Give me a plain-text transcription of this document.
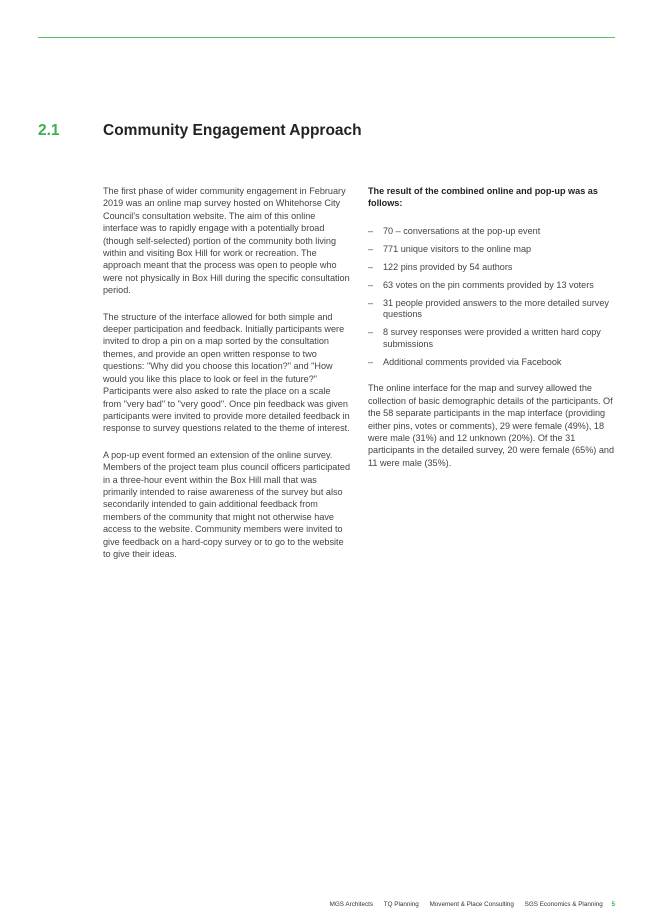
2.1	Community Engagement Approach

The first phase of wider community engagement in February 2019 was an online map survey hosted on Whitehorse City Council's consultation website. The aim of this online interface was to rapidly engage with a potentially broad (though self-selected) portion of the community both living within and visiting Box Hill for work or recreation. The approach meant that the process was open to people who were not physically in Box Hill during the specific consultation period.

The structure of the interface allowed for both simple and deeper participation and feedback. Initially participants were invited to drop a pin on a map sorted by the consultation themes, and provide an open written response to two questions: "Why did you choose this location?" and "How would you like this place to look or feel in the future?" Participants were also asked to rate the place on a scale from "very bad" to "very good". Once pin feedback was given participants were invited to provide more detailed feedback in response to survey questions related to the theme of interest.

A pop-up event formed an extension of the online survey. Members of the project team plus council officers participated in a three-hour event within the Box Hill mall that was primarily intended to raise awareness of the survey but also secondarily intended to gain additional feedback from members of the community that might not otherwise have access to the website. Community members were invited to give feedback on a hard-copy survey or to go to the website to give their ideas.

The result of the combined online and pop-up was as follows:
– 70 – conversations at the pop-up event
– 771 unique visitors to the online map
– 122 pins provided by 54 authors
– 63 votes on the pin comments provided by 13 voters
– 31 people provided answers to the more detailed survey questions
– 8 survey responses were provided a written hard copy submissions
– Additional comments provided via Facebook

The online interface for the map and survey allowed the collection of basic demographic details of the participants. Of the 58 separate participants in the map interface (providing either pins, votes or comments), 29 were female (49%), 18 were male (31%) and 12 unknown (20%). Of the 31 participants in the detailed survey, 20 were female (65%) and 11 were male (35%).

MGS Architects TQ Planning Movement & Place Consulting SGS Economics & Planning 5
